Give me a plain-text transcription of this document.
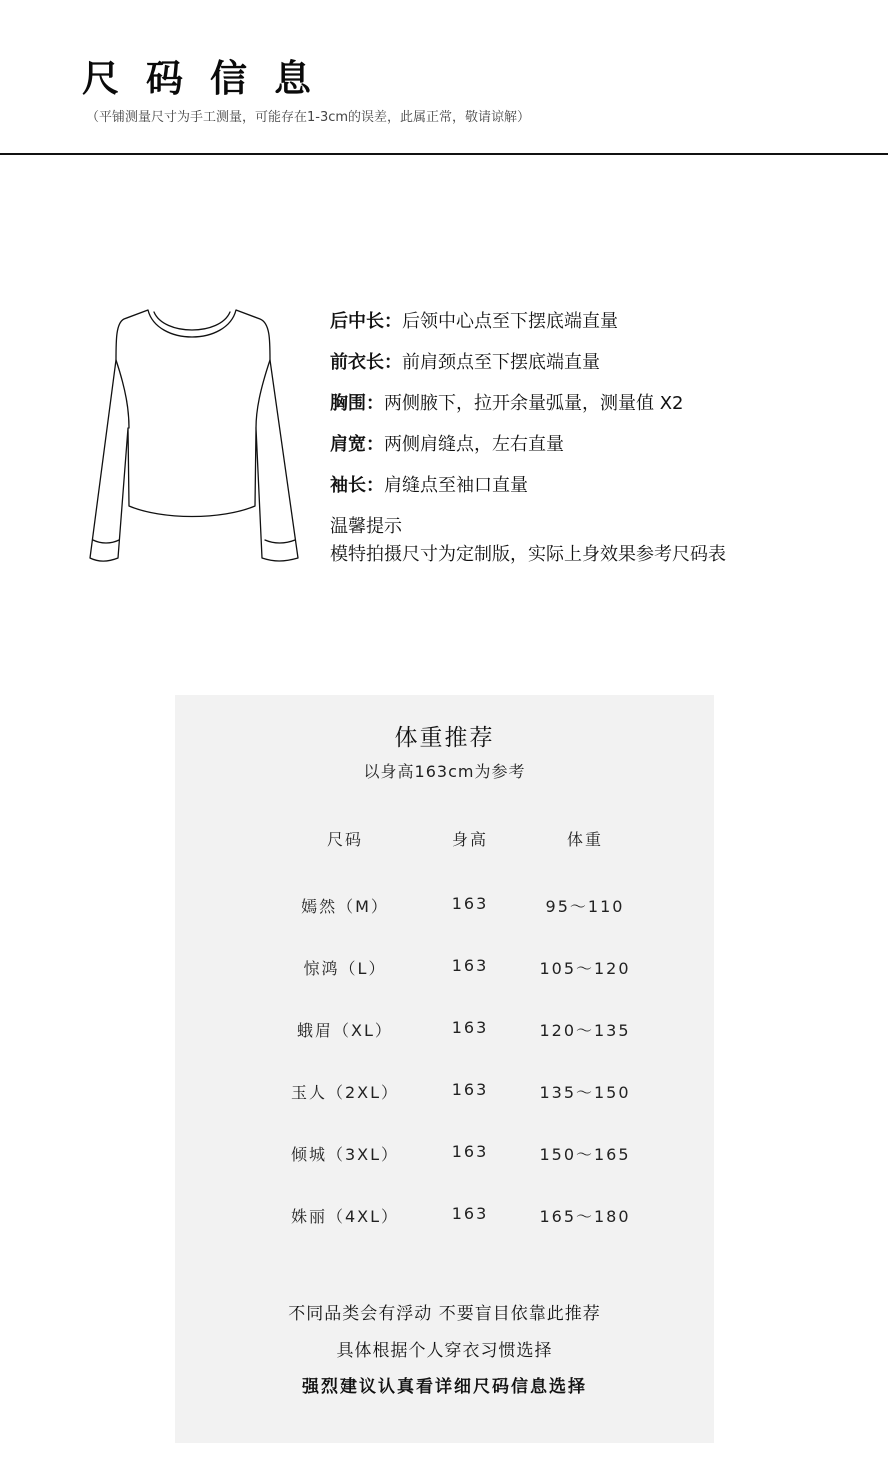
尺码信息
（平铺测量尺寸为手工测量，可能存在1-3cm的误差，此属正常，敬请谅解）
后中长：后领中心点至下摆底端直量
前衣长：前肩颈点至下摆底端直量
胸围：两侧腋下，拉开余量弧量，测量值 X2
肩宽：两侧肩缝点，左右直量
袖长：肩缝点至袖口直量
温馨提示
模特拍摄尺寸为定制版，实际上身效果参考尺码表
体重推荐
以身高163cm为参考
尺码	身高	体重
嫣然（M）	163	95～110
惊鸿（L）	163	105～120
蛾眉（XL）	163	120～135
玉人（2XL）	163	135～150
倾城（3XL）	163	150～165
姝丽（4XL）	163	165～180
不同品类会有浮动 不要盲目依靠此推荐
具体根据个人穿衣习惯选择
强烈建议认真看详细尺码信息选择
